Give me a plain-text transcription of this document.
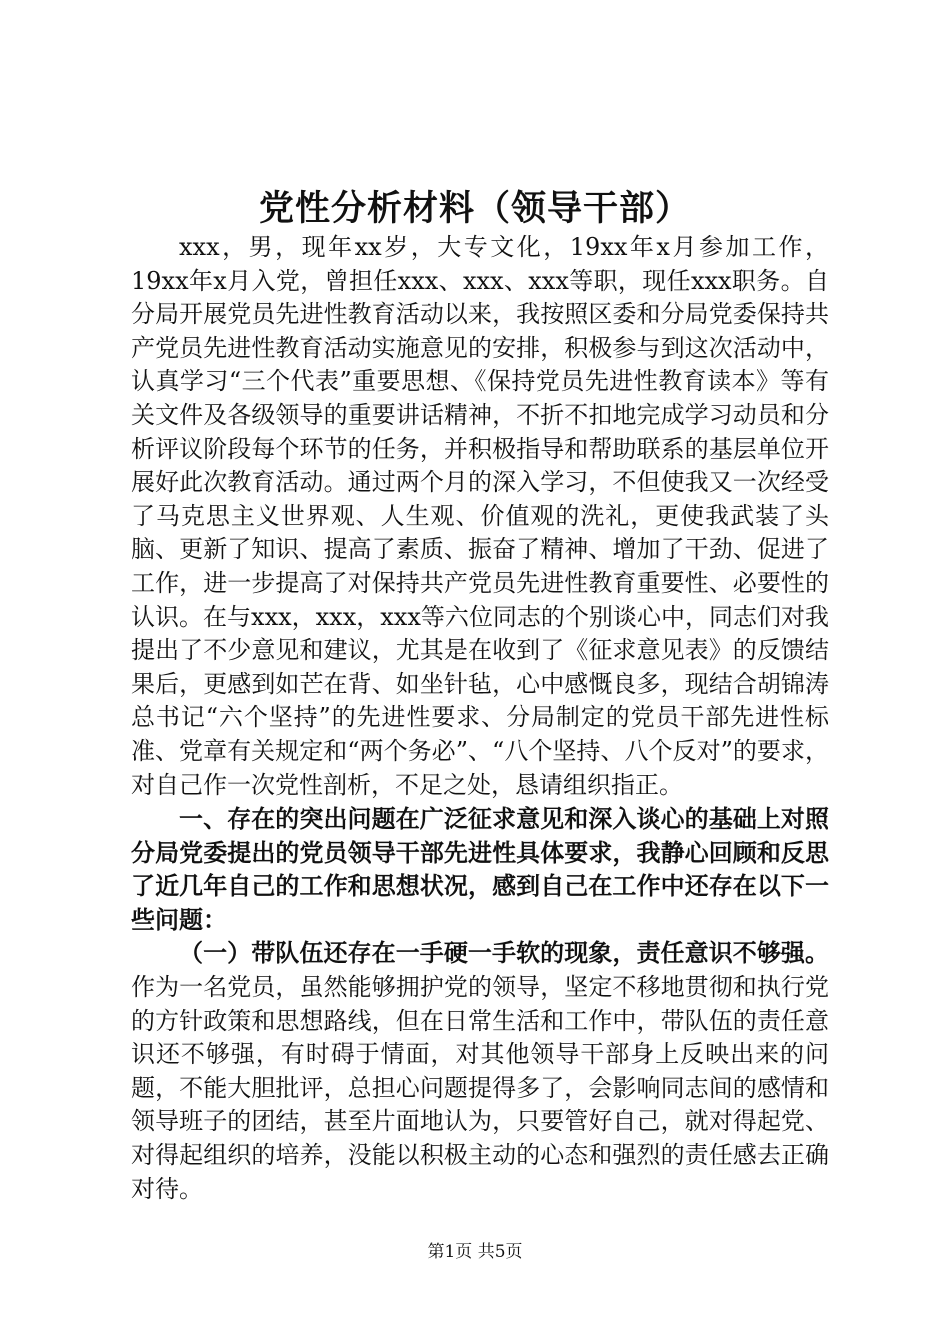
党性分析材料（领导干部）

xxx，男，现年xx岁，大专文化，19xx年x月参加工作，19xx年x月入党，曾担任xxx、xxx、xxx等职，现任xxx职务。自分局开展党员先进性教育活动以来，我按照区委和分局党委保持共产党员先进性教育活动实施意见的安排，积极参与到这次活动中，认真学习“三个代表”重要思想、《保持党员先进性教育读本》等有关文件及各级领导的重要讲话精神，不折不扣地完成学习动员和分析评议阶段每个环节的任务，并积极指导和帮助联系的基层单位开展好此次教育活动。通过两个月的深入学习，不但使我又一次经受了马克思主义世界观、人生观、价值观的洗礼，更使我武装了头脑、更新了知识、提高了素质、振奋了精神、增加了干劲、促进了工作，进一步提高了对保持共产党员先进性教育重要性、必要性的认识。在与xxx，xxx，xxx等六位同志的个别谈心中，同志们对我提出了不少意见和建议，尤其是在收到了《征求意见表》的反馈结果后，更感到如芒在背、如坐针毡，心中感慨良多，现结合胡锦涛总书记“六个坚持”的先进性要求、分局制定的党员干部先进性标准、党章有关规定和“两个务必”、“八个坚持、八个反对”的要求，对自己作一次党性剖析，不足之处，恳请组织指正。

一、存在的突出问题在广泛征求意见和深入谈心的基础上对照分局党委提出的党员领导干部先进性具体要求，我静心回顾和反思了近几年自己的工作和思想状况，感到自己在工作中还存在以下一些问题：

（一）带队伍还存在一手硬一手软的现象，责任意识不够强。作为一名党员，虽然能够拥护党的领导，坚定不移地贯彻和执行党的方针政策和思想路线，但在日常生活和工作中，带队伍的责任意识还不够强，有时碍于情面，对其他领导干部身上反映出来的问题，不能大胆批评，总担心问题提得多了，会影响同志间的感情和领导班子的团结，甚至片面地认为，只要管好自己，就对得起党、对得起组织的培养，没能以积极主动的心态和强烈的责任感去正确对待。

第1页 共5页
